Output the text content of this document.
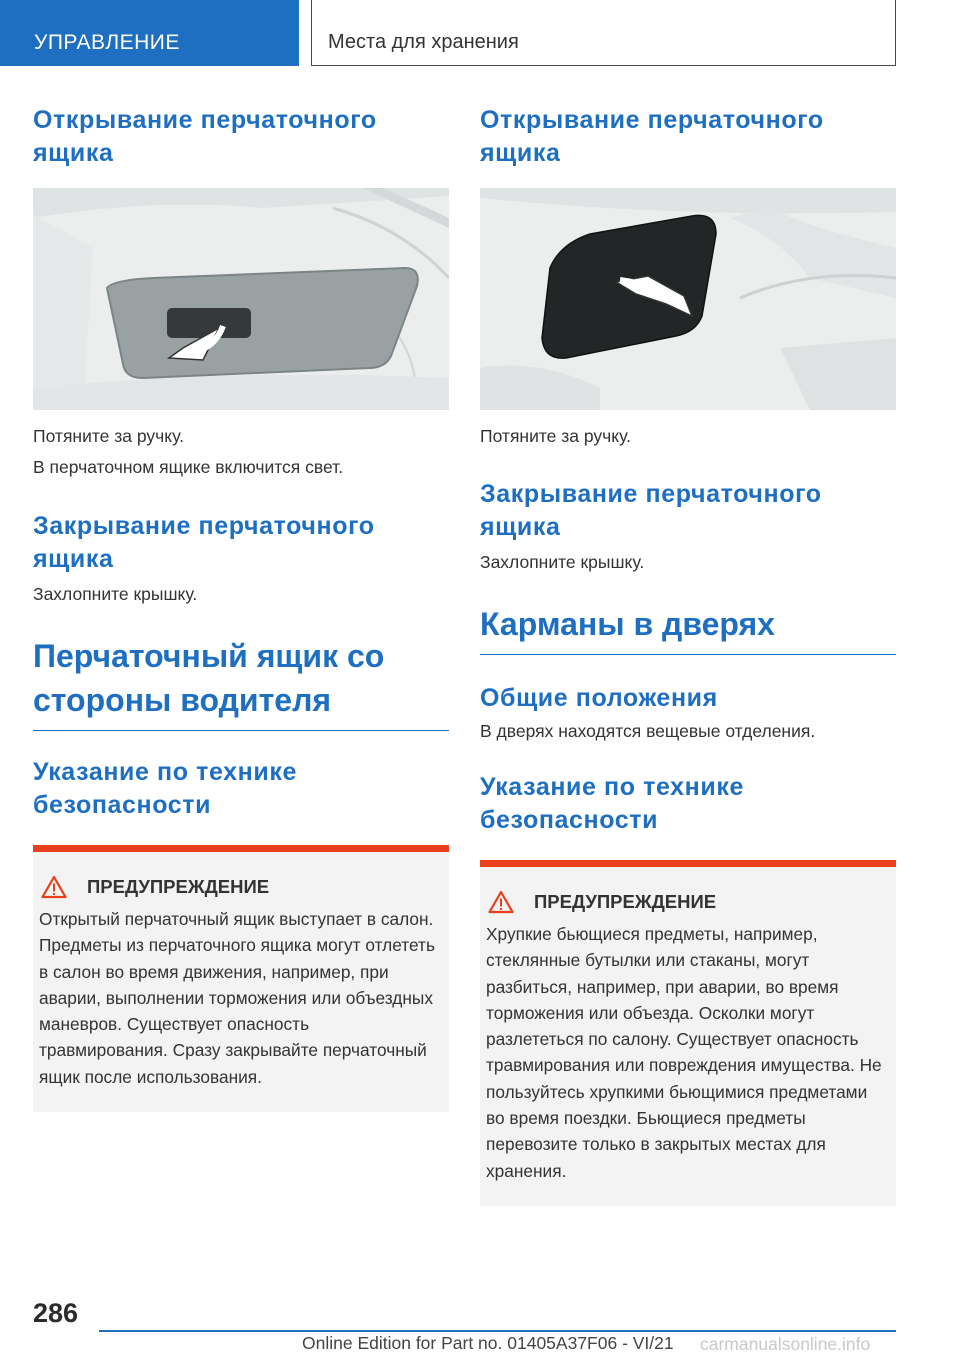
УПРАВЛЕНИЕ	Места для хранения
Открывание перчаточного ящика
Потяните за ручку.
В перчаточном ящике включится свет.
Закрывание перчаточного ящика
Захлопните крышку.
Перчаточный ящик со стороны водителя
Указание по технике безопасности
ПРЕДУПРЕЖДЕНИЕ
Открытый перчаточный ящик выступает в салон. Предметы из перчаточного ящика могут отлететь в салон во время движения, например, при аварии, выполнении торможения или объездных маневров. Существует опасность травмирования. Сразу закрывайте перчаточный ящик после использования.
Открывание перчаточного ящика
Потяните за ручку.
Закрывание перчаточного ящика
Захлопните крышку.
Карманы в дверях
Общие положения
В дверях находятся вещевые отделения.
Указание по технике безопасности
ПРЕДУПРЕЖДЕНИЕ
Хрупкие бьющиеся предметы, например, стеклянные бутылки или стаканы, могут разбиться, например, при аварии, во время торможения или объезда. Осколки могут разлететься по салону. Существует опасность травмирования или повреждения имущества. Не пользуйтесь хрупкими бьющимися предметами во время поездки. Бьющиеся предметы перевозите только в закрытых местах для хранения.
286
Online Edition for Part no. 01405A37F06 - VI/21 carmanualsonline.info
